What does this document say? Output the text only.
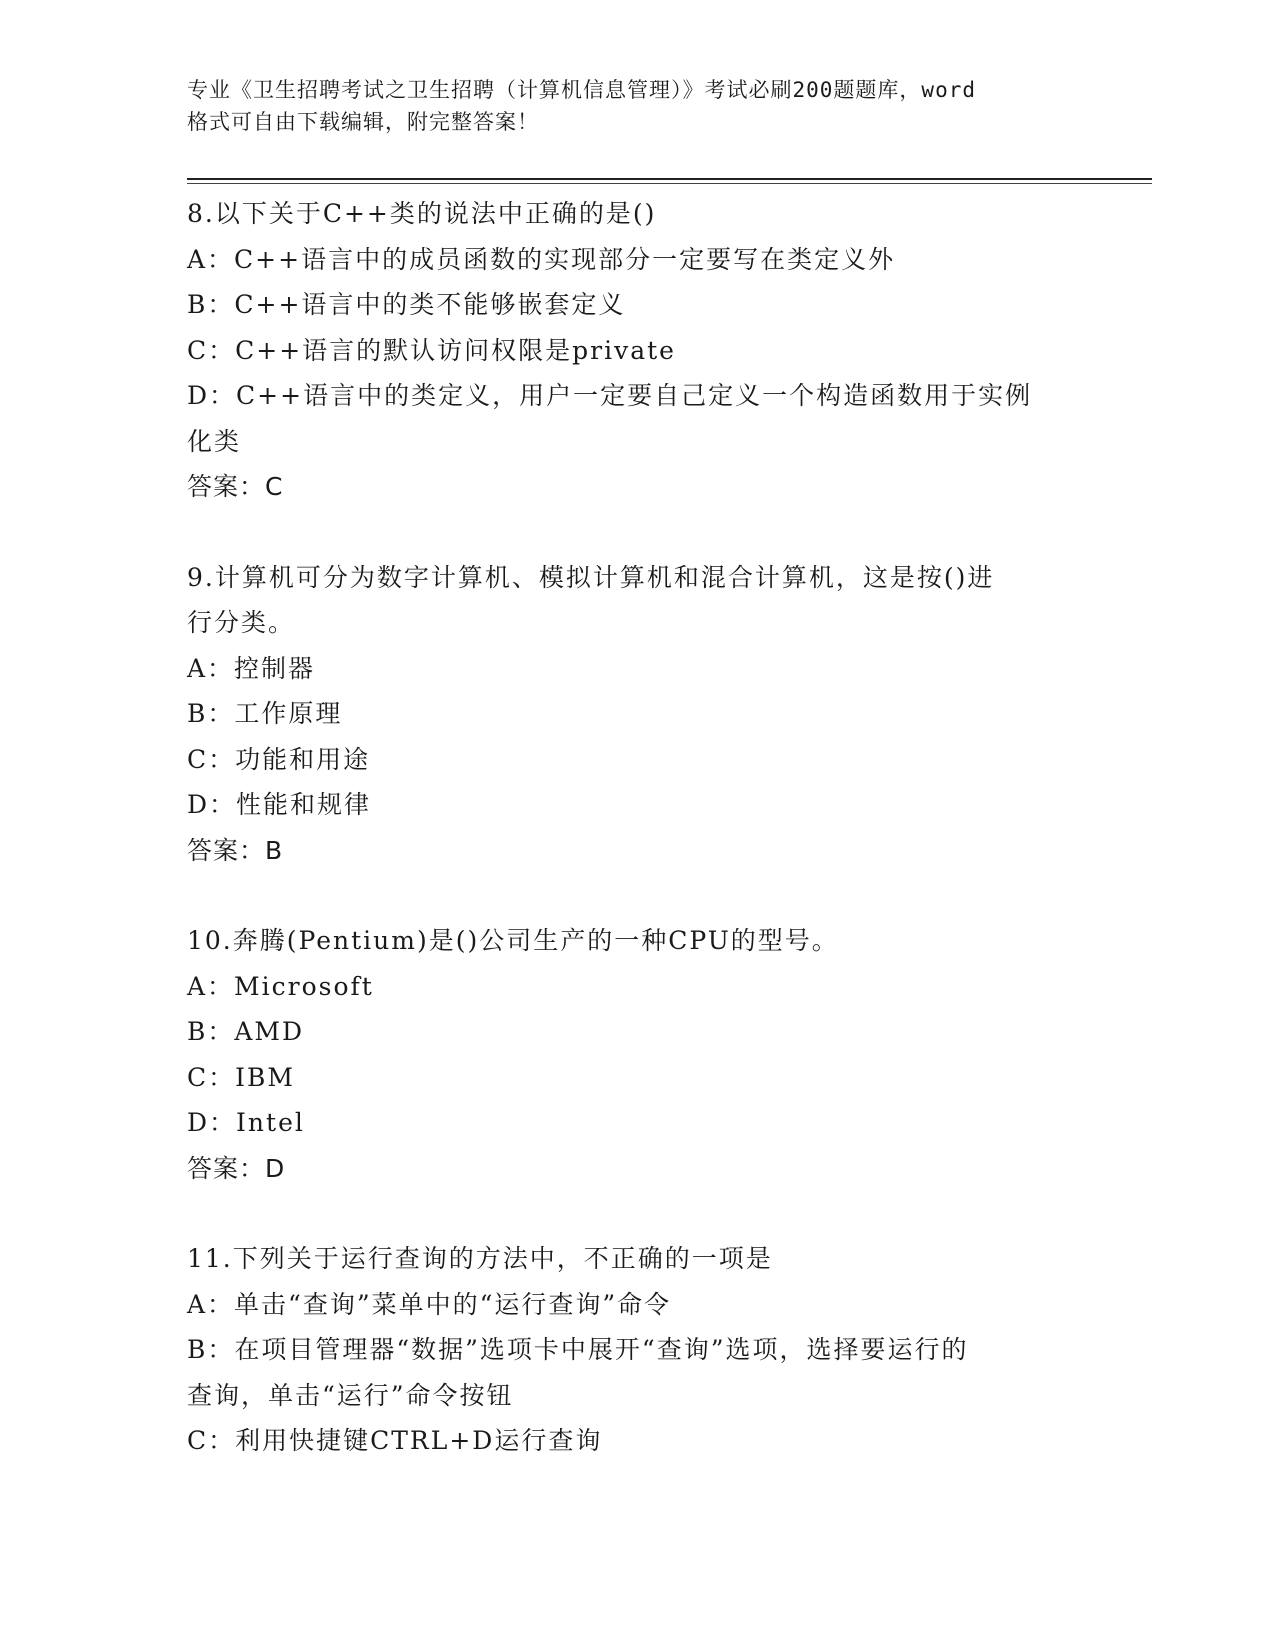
专业《卫生招聘考试之卫生招聘（计算机信息管理）》考试必刷200题题库，word
格式可自由下载编辑，附完整答案！
8.以下关于C++类的说法中正确的是()
A：C++语言中的成员函数的实现部分一定要写在类定义外
B：C++语言中的类不能够嵌套定义
C：C++语言的默认访问权限是private
D：C++语言中的类定义，用户一定要自己定义一个构造函数用于实例
化类
答案：C
9.计算机可分为数字计算机、模拟计算机和混合计算机，这是按()进
行分类。
A：控制器
B：工作原理
C：功能和用途
D：性能和规律
答案：B
10.奔腾(Pentium)是()公司生产的一种CPU的型号。
A：Microsoft
B：AMD
C：IBM
D：Intel
答案：D
11.下列关于运行查询的方法中，不正确的一项是
A：单击“查询”菜单中的“运行查询”命令
B：在项目管理器“数据”选项卡中展开“查询”选项，选择要运行的
查询，单击“运行”命令按钮
C：利用快捷键CTRL+D运行查询
